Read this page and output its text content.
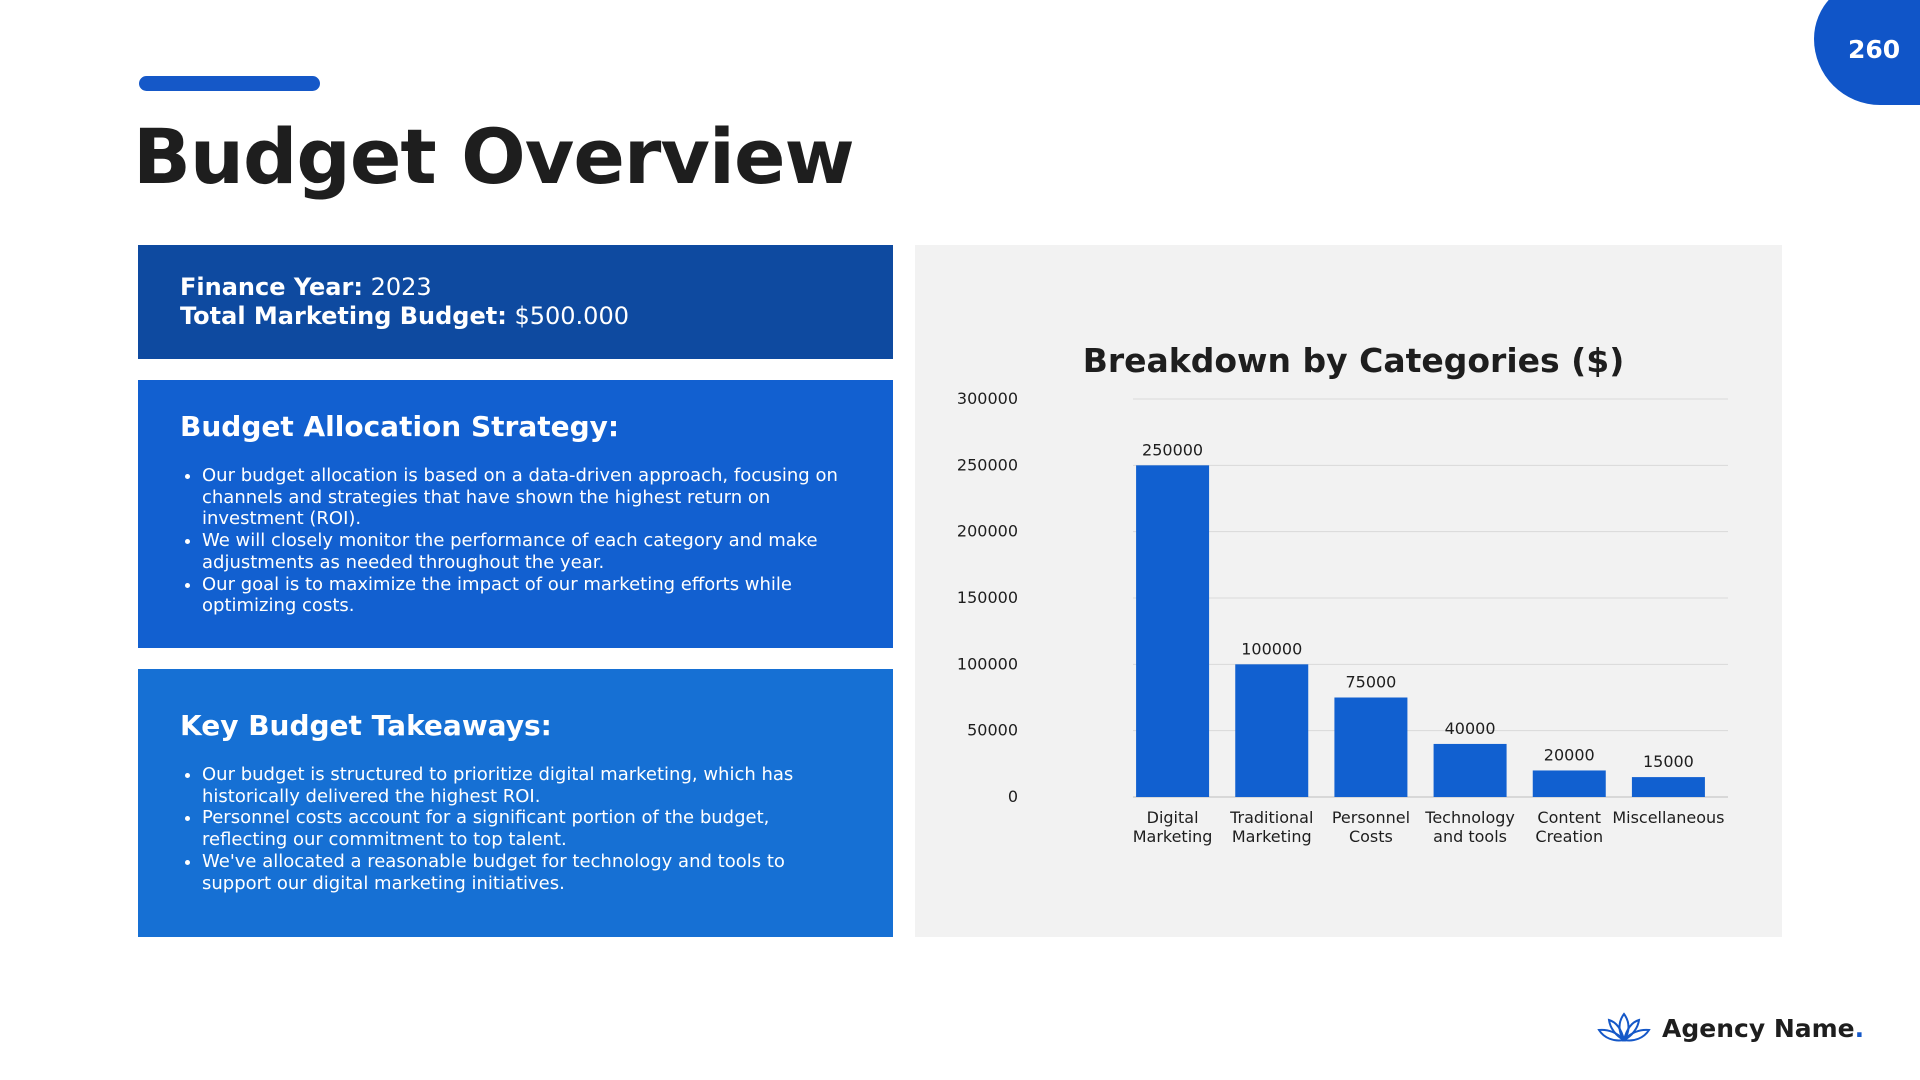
260
Budget Overview
Finance Year: 2023
Total Marketing Budget: $500.000
Budget Allocation Strategy:
• Our budget allocation is based on a data-driven approach, focusing on channels and strategies that have shown the highest return on investment (ROI).
• We will closely monitor the performance of each category and make adjustments as needed throughout the year.
• Our goal is to maximize the impact of our marketing efforts while optimizing costs.
Key Budget Takeaways:
• Our budget is structured to prioritize digital marketing, which has historically delivered the highest ROI.
• Personnel costs account for a significant portion of the budget, reflecting our commitment to top talent.
• We've allocated a reasonable budget for technology and tools to support our digital marketing initiatives.
Breakdown by Categories ($)
0
50000
100000
150000
200000
250000
300000
250000
Digital
Marketing
100000
Traditional
Marketing
75000
Personnel
Costs
40000
Technology
and tools
20000
Content
Creation
15000
Miscellaneous
Agency Name.
